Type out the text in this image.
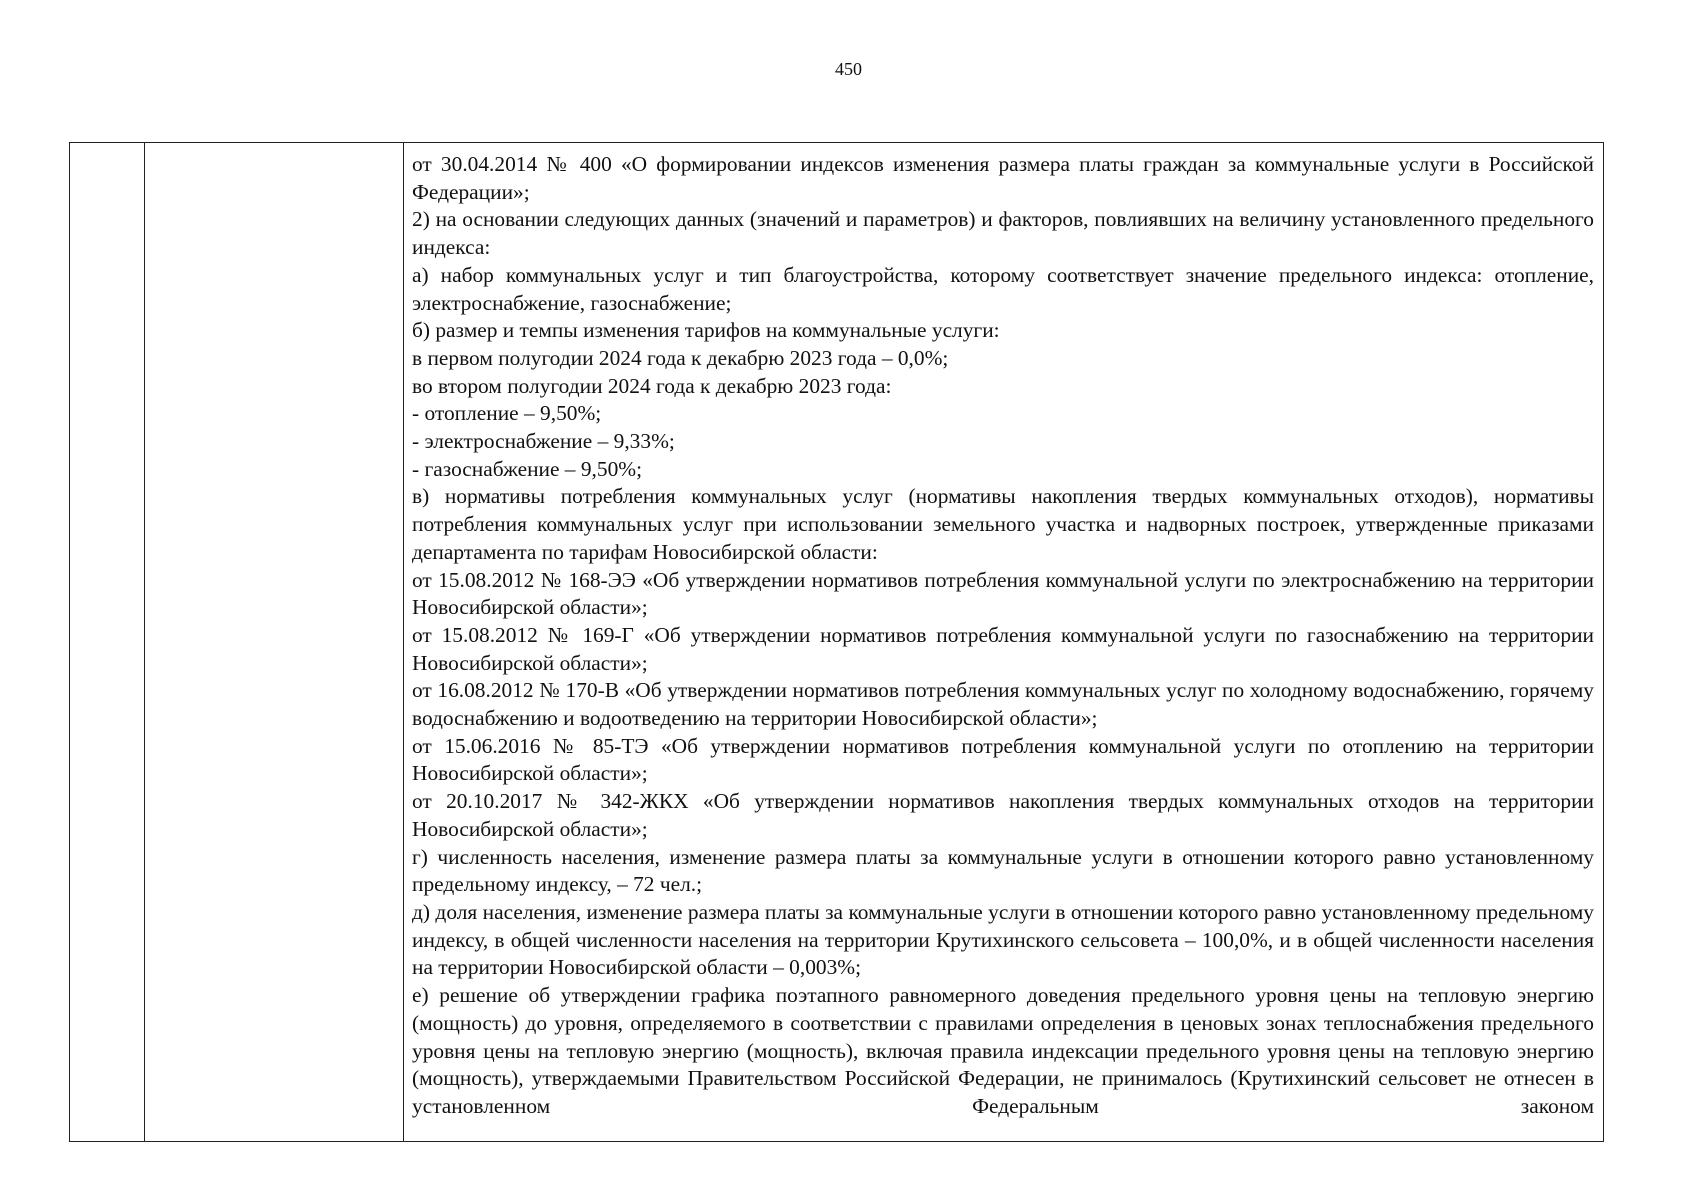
450

от 30.04.2014 № 400 «О формировании индексов изменения размера платы граждан за коммунальные услуги в Российской Федерации»;

2) на основании следующих данных (значений и параметров) и факторов, повлиявших на величину установленного предельного индекса:

а) набор коммунальных услуг и тип благоустройства, которому соответствует значение предельного индекса: отопление, электроснабжение, газоснабжение;

б) размер и темпы изменения тарифов на коммунальные услуги:

в первом полугодии 2024 года к декабрю 2023 года – 0,0%;

во втором полугодии 2024 года к декабрю 2023 года:

- отопление – 9,50%;

- электроснабжение – 9,33%;

- газоснабжение – 9,50%;

в) нормативы потребления коммунальных услуг (нормативы накопления твердых коммунальных отходов), нормативы потребления коммунальных услуг при использовании земельного участка и надворных построек, утвержденные приказами департамента по тарифам Новосибирской области:

от 15.08.2012 № 168-ЭЭ «Об утверждении нормативов потребления коммунальной услуги по электроснабжению на территории Новосибирской области»;

от 15.08.2012 № 169-Г «Об утверждении нормативов потребления коммунальной услуги по газоснабжению на территории Новосибирской области»;

от 16.08.2012 № 170-В «Об утверждении нормативов потребления коммунальных услуг по холодному водоснабжению, горячему водоснабжению и водоотведению на территории Новосибирской области»;

от 15.06.2016 № 85-ТЭ «Об утверждении нормативов потребления коммунальной услуги по отоплению на территории Новосибирской области»;

от 20.10.2017 № 342-ЖКХ «Об утверждении нормативов накопления твердых коммунальных отходов на территории Новосибирской области»;

г) численность населения, изменение размера платы за коммунальные услуги в отношении которого равно установленному предельному индексу, – 72 чел.;

д) доля населения, изменение размера платы за коммунальные услуги в отношении которого равно установленному предельному индексу, в общей численности населения на территории Крутихинского сельсовета – 100,0%, и в общей численности населения на территории Новосибирской области – 0,003%;

е) решение об утверждении графика поэтапного равномерного доведения предельного уровня цены на тепловую энергию (мощность) до уровня, определяемого в соответствии с правилами определения в ценовых зонах теплоснабжения предельного уровня цены на тепловую энергию (мощность), включая правила индексации предельного уровня цены на тепловую энергию (мощность), утверждаемыми Правительством Российской Федерации, не принималось (Крутихинский сельсовет не отнесен в установленном Федеральным законом
